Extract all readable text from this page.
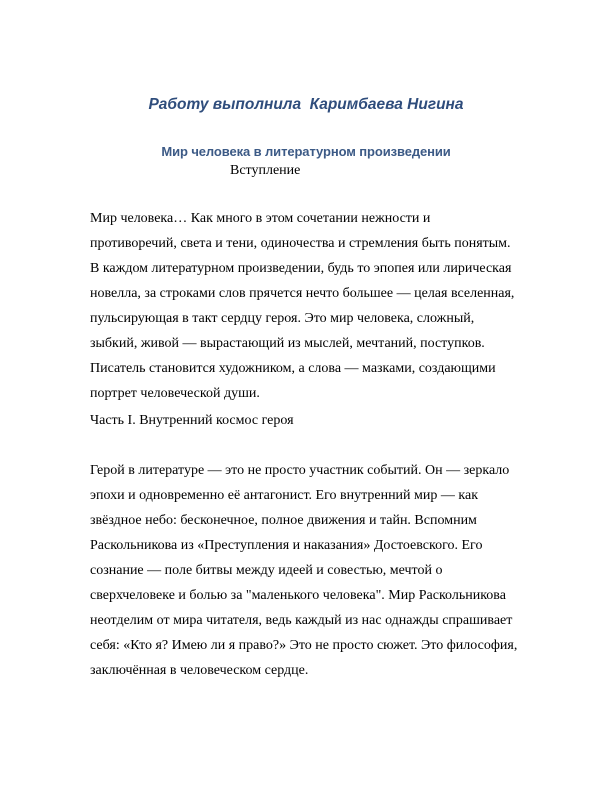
Работу выполнила  Каримбаева Нигина
Мир человека в литературном произведении
Вступление

Мир человека… Как много в этом сочетании нежности и
противоречий, света и тени, одиночества и стремления быть понятым.
В каждом литературном произведении, будь то эпопея или лирическая
новелла, за строками слов прячется нечто большее — целая вселенная,
пульсирующая в такт сердцу героя. Это мир человека, сложный,
зыбкий, живой — вырастающий из мыслей, мечтаний, поступков.
Писатель становится художником, а слова — мазками, создающими
портрет человеческой души.

Часть I. Внутренний космос героя

Герой в литературе — это не просто участник событий. Он — зеркало
эпохи и одновременно её антагонист. Его внутренний мир — как
звёздное небо: бесконечное, полное движения и тайн. Вспомним
Раскольникова из «Преступления и наказания» Достоевского. Его
сознание — поле битвы между идеей и совестью, мечтой о
сверхчеловеке и болью за "маленького человека". Мир Раскольникова
неотделим от мира читателя, ведь каждый из нас однажды спрашивает
себя: «Кто я? Имею ли я право?» Это не просто сюжет. Это философия,
заключённая в человеческом сердце.
